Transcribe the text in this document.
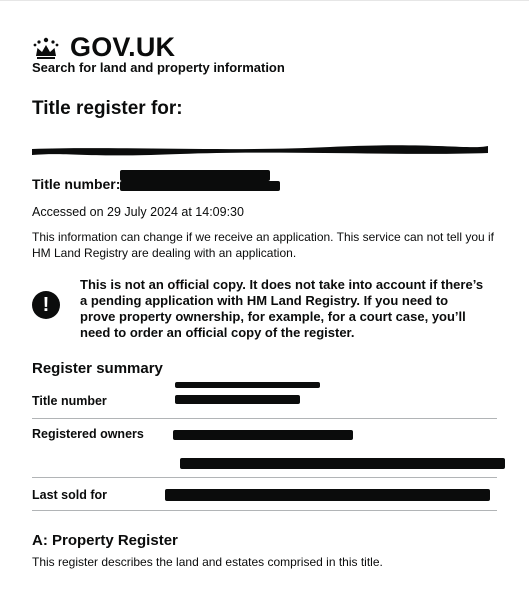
GOV.UK
Search for land and property information
Title register for:
Title number:
Accessed on 29 July 2024 at 14:09:30
This information can change if we receive an application. This service can not tell you if HM Land Registry are dealing with an application.
!
This is not an official copy. It does not take into account if there’s a pending application with HM Land Registry. If you need to prove property ownership, for example, for a court case, you’ll need to order an official copy of the register.
Register summary
Title number
Registered owners
Last sold for
A: Property Register
This register describes the land and estates comprised in this title.
